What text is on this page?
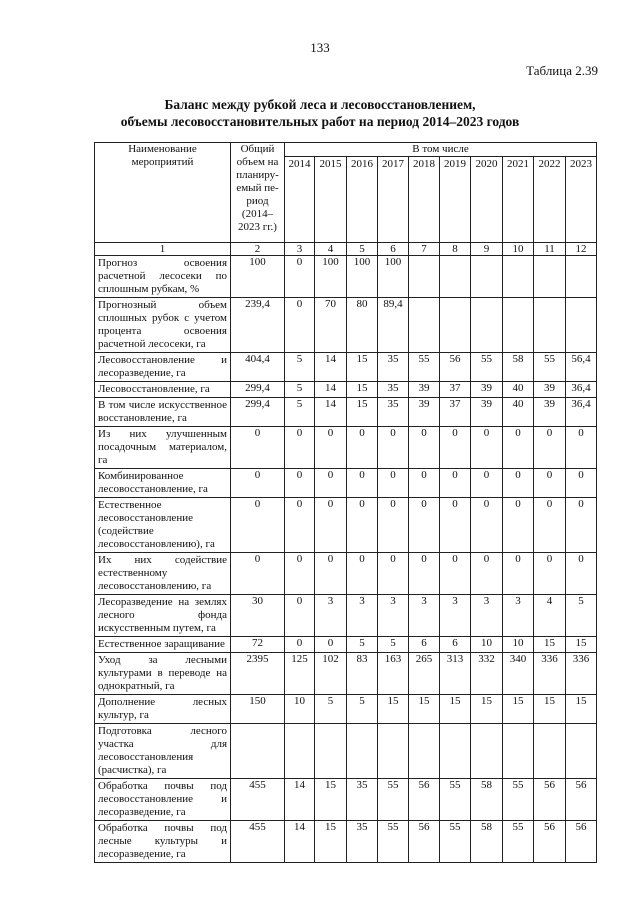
133
Таблица 2.39
Баланс между рубкой леса и лесовосстановлением,
объемы лесовосстановительных работ на период 2014–2023 годов
Наименование мероприятий	Общий объем на планиру-емый пе-риод (2014–2023 гг.)	В том числе									
		2014	2015	2016	2017	2018	2019	2020	2021	2022	2023
1	2	3	4	5	6	7	8	9	10	11	12
Прогноз освоения расчетной лесосеки по сплошным рубкам, %	100	0	100	100	100						
Прогнозный объем сплошных рубок с учетом процента освоения расчетной лесосеки, га	239,4	0	70	80	89,4						
Лесовосстановление и лесоразведение, га	404,4	5	14	15	35	55	56	55	58	55	56,4
Лесовосстановление, га	299,4	5	14	15	35	39	37	39	40	39	36,4
В том числе искусственное восстановление, га	299,4	5	14	15	35	39	37	39	40	39	36,4
Из них улучшенным посадочным материалом, га	0	0	0	0	0	0	0	0	0	0	0
Комбинированное лесовосстановление, га	0	0	0	0	0	0	0	0	0	0	0
Естественное лесовосстановление (содействие лесовосстановлению), га	0	0	0	0	0	0	0	0	0	0	0
Их них содействие естественному лесовосстановлению, га	0	0	0	0	0	0	0	0	0	0	0
Лесоразведение на землях лесного фонда искусственным путем, га	30	0	3	3	3	3	3	3	3	4	5
Естественное заращивание	72	0	0	5	5	6	6	10	10	15	15
Уход за лесными культурами в переводе на однократный, га	2395	125	102	83	163	265	313	332	340	336	336
Дополнение лесных культур, га	150	10	5	5	15	15	15	15	15	15	15
Подготовка лесного участка для лесовосстановления (расчистка), га											
Обработка почвы под лесовосстановление и лесоразведение, га	455	14	15	35	55	56	55	58	55	56	56
Обработка почвы под лесные культуры и лесоразведение, га	455	14	15	35	55	56	55	58	55	56	56
